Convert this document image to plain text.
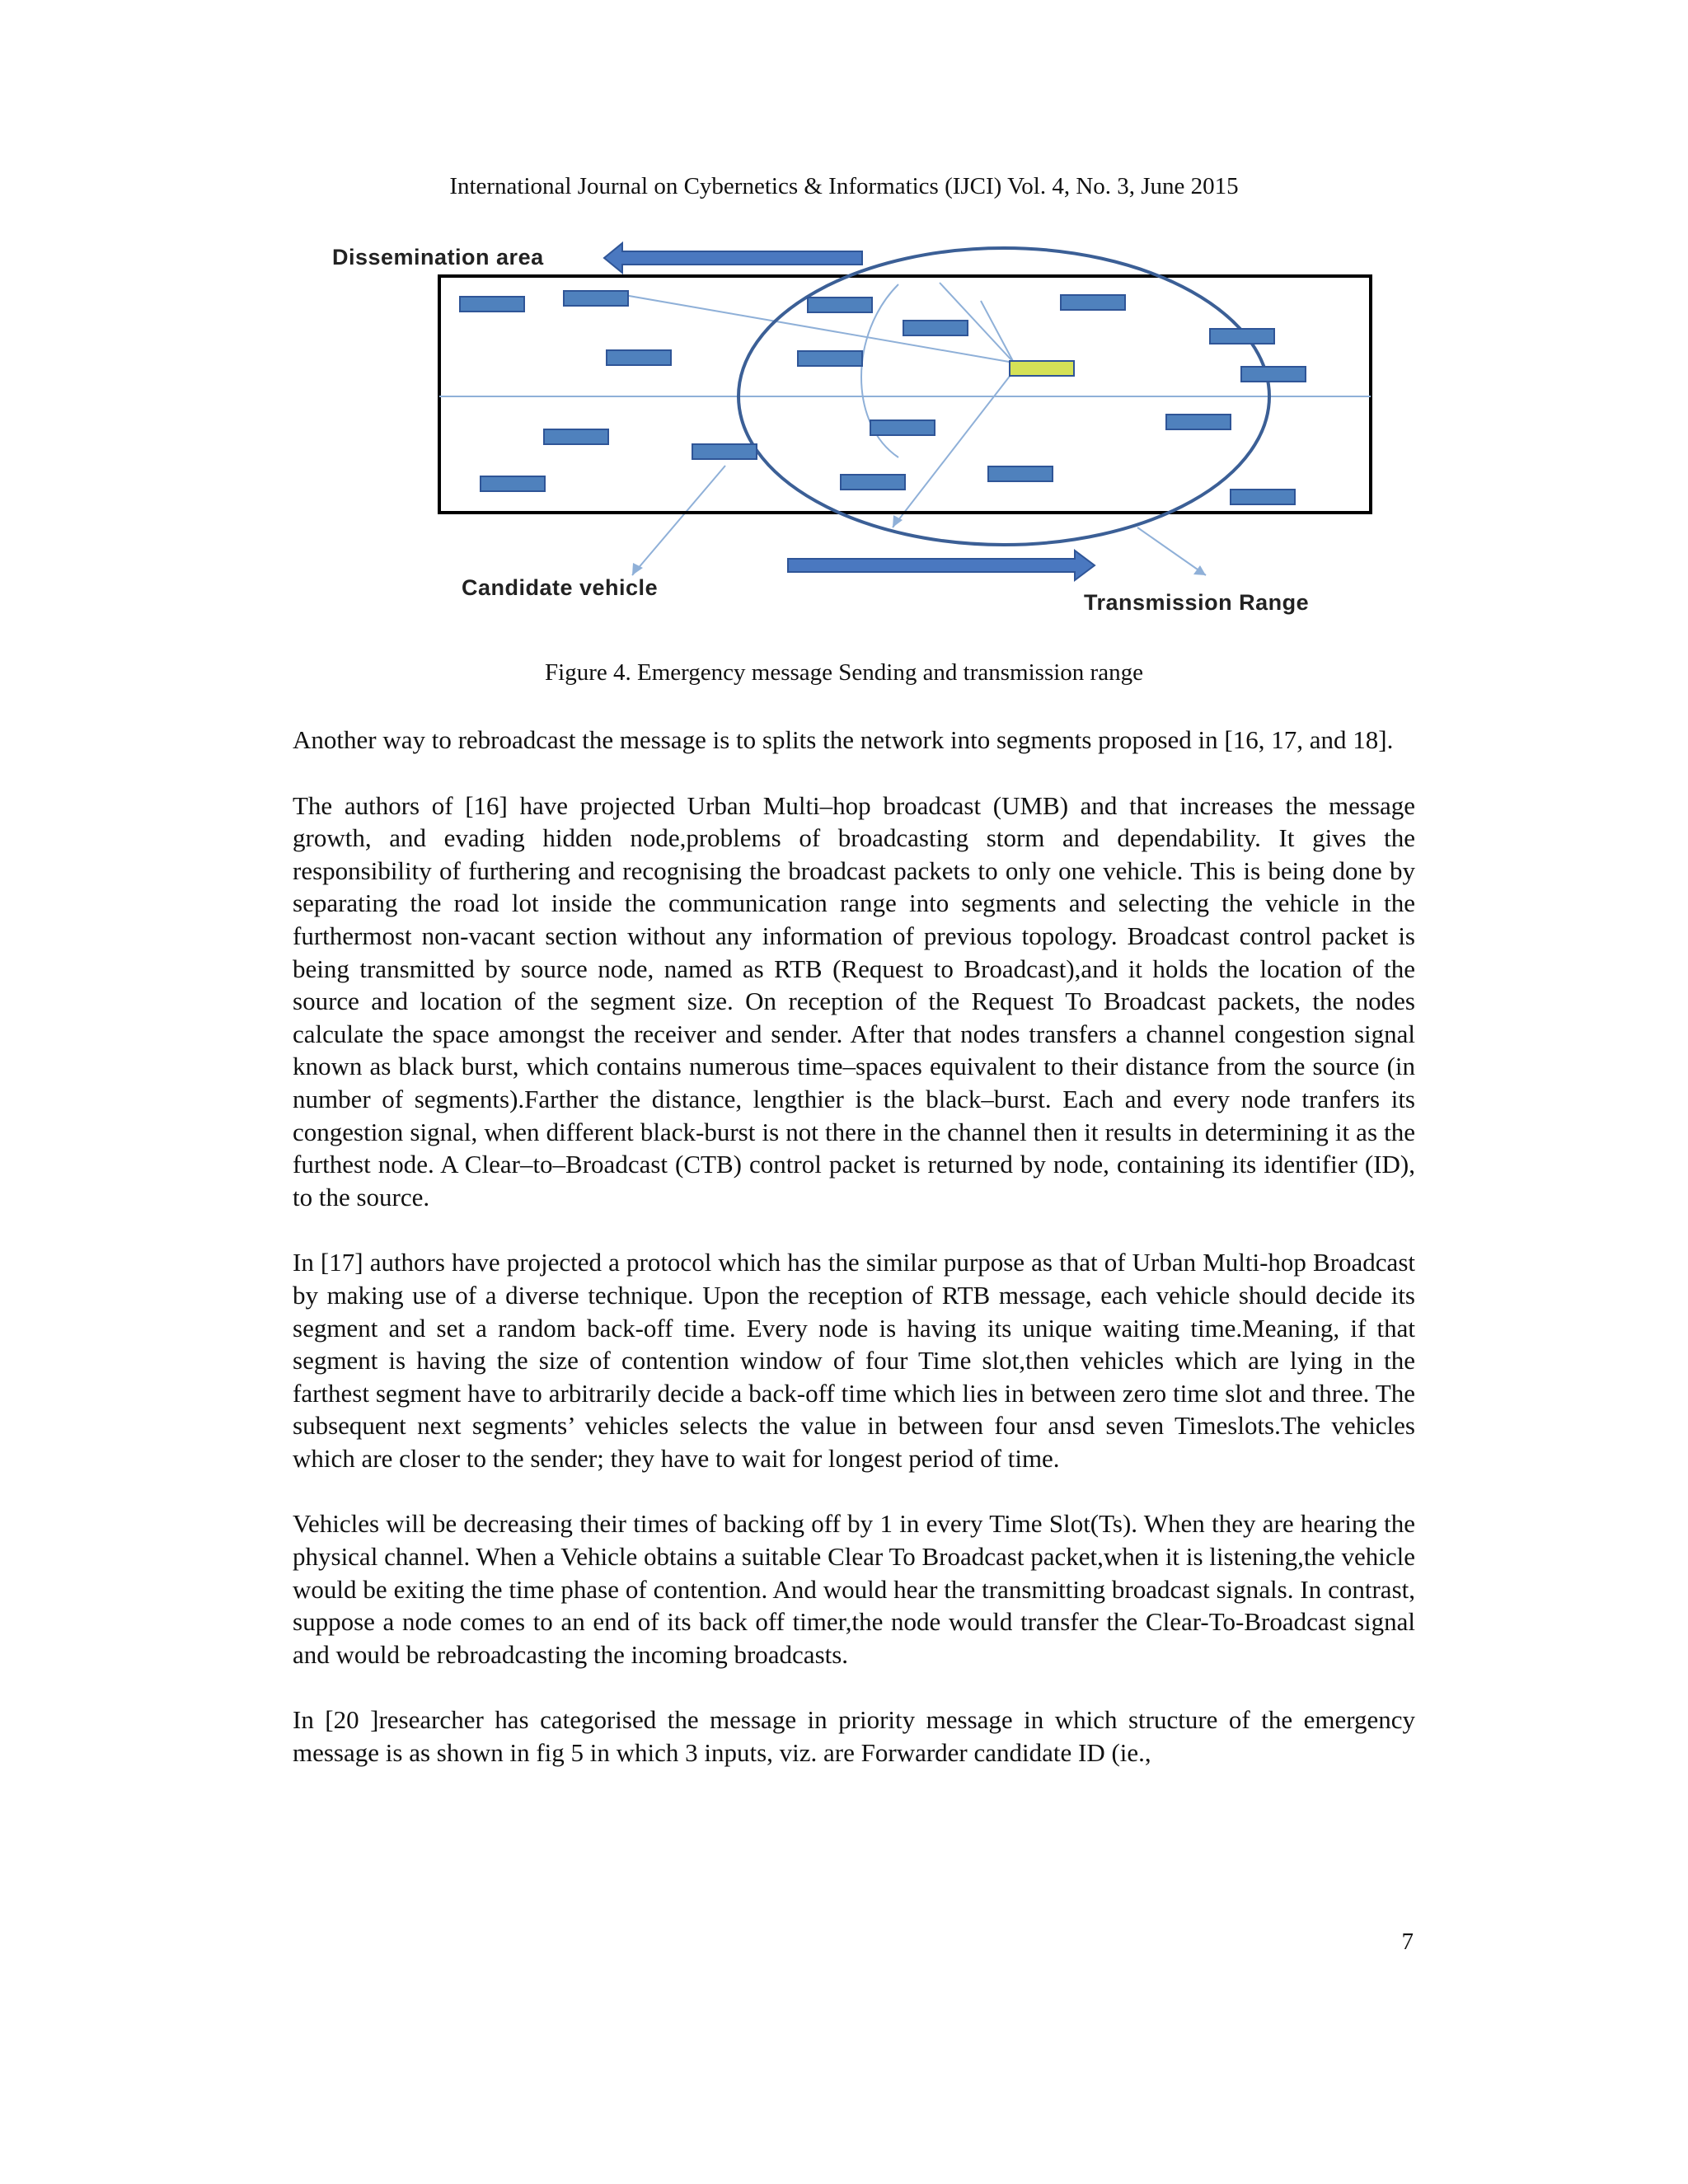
International Journal on Cybernetics & Informatics (IJCI) Vol. 4, No. 3, June 2015
Dissemination area
Candidate vehicle
Transmission Range
Figure 4. Emergency message Sending and transmission range

Another way to rebroadcast the message is to splits the network into segments proposed in [16, 17, and 18].

The authors of [16] have projected Urban Multi–hop broadcast (UMB) and that increases the message growth, and evading hidden node,problems of broadcasting storm and dependability. It gives the responsibility of furthering and recognising the broadcast packets to only one vehicle. This is being done by separating the road lot inside the communication range into segments and selecting the vehicle in the furthermost non-vacant section without any information of previous topology. Broadcast control packet is being transmitted by source node, named as RTB (Request to Broadcast),and it holds the location of the source and location of the segment size. On reception of the Request To Broadcast packets, the nodes calculate the space amongst the receiver and sender. After that nodes transfers a channel congestion signal known as black burst, which contains numerous time–spaces equivalent to their distance from the source (in number of segments).Farther the distance, lengthier is the black–burst. Each and every node tranfers its congestion signal, when different black-burst is not there in the channel then it results in determining it as the furthest node. A Clear–to–Broadcast (CTB) control packet is returned by node, containing its identifier (ID), to the source.

In [17] authors have projected a protocol which has the similar purpose as that of Urban Multi-hop Broadcast by making use of a diverse technique. Upon the reception of RTB message, each vehicle should decide its segment and set a random back-off time. Every node is having its unique waiting time.Meaning, if that segment is having the size of contention window of four Time slot,then vehicles which are lying in the farthest segment have to arbitrarily decide a back-off time which lies in between zero time slot and three. The subsequent next segments’ vehicles selects the value in between four ansd seven Timeslots.The vehicles which are closer to the sender; they have to wait for longest period of time.

Vehicles will be decreasing their times of backing off by 1 in every Time Slot(Ts). When they are hearing the physical channel. When a Vehicle obtains a suitable Clear To Broadcast packet,when it is listening,the vehicle would be exiting the time phase of contention. And would hear the transmitting broadcast signals. In contrast, suppose a node comes to an end of its back off timer,the node would transfer the Clear-To-Broadcast signal and would be rebroadcasting the incoming broadcasts.

In [20 ]researcher has categorised the message in priority message in which structure of the emergency message is as shown in fig 5 in which 3 inputs, viz. are Forwarder candidate ID (ie.,

7
